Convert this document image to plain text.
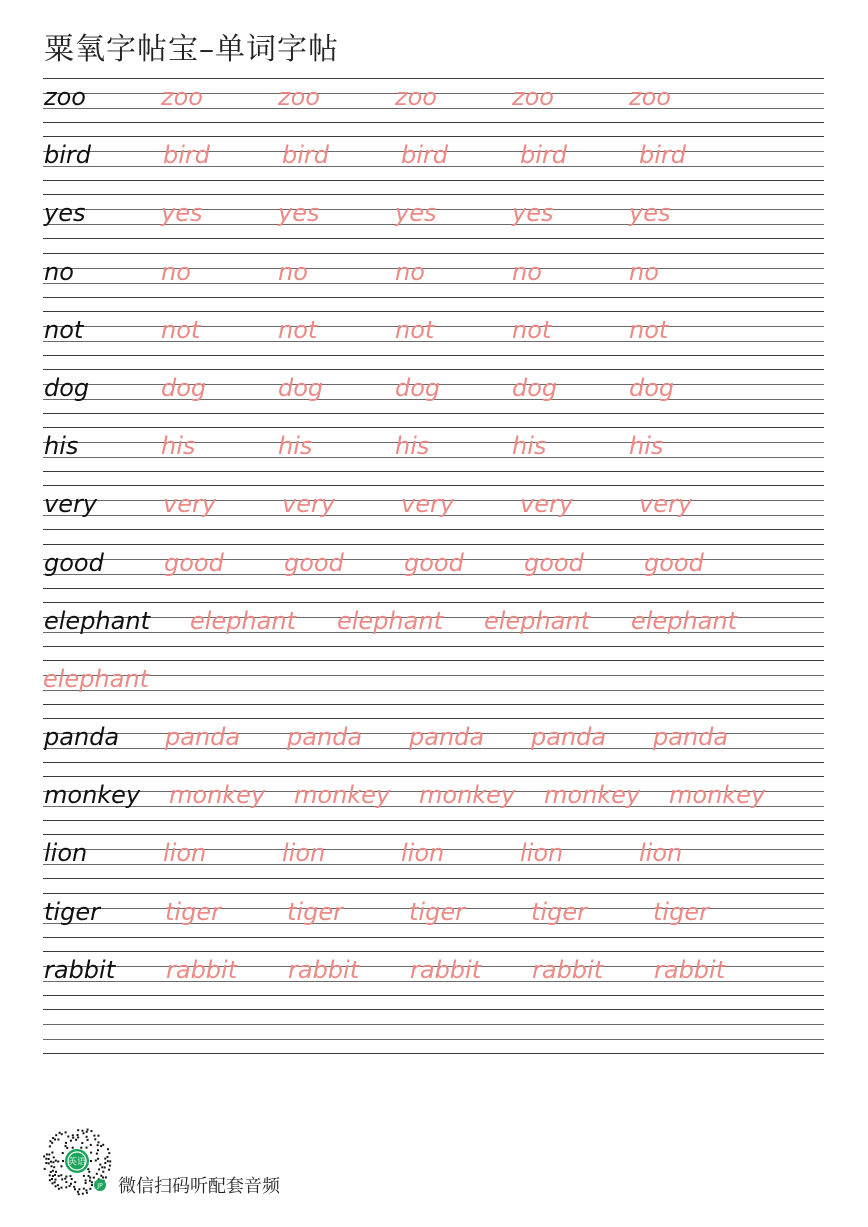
粟氧字帖宝–单词字帖
zoo	zoo	zoo	zoo	zoo	zoo
bird	bird	bird	bird	bird	bird
yes	yes	yes	yes	yes	yes
no	no	no	no	no	no
not	not	not	not	not	not
dog	dog	dog	dog	dog	dog
his	his	his	his	his	his
very	very	very	very	very	very
good	good	good	good	good	good
elephant elephant elephant elephant elephant
elephant
panda panda panda panda panda panda
monkey monkey monkey monkey monkey monkey
lion	lion	lion	lion	lion	lion
tiger	tiger	tiger	tiger	tiger	tiger
rabbit rabbit rabbit rabbit rabbit rabbit
英语
JP 微信扫码听配套音频
